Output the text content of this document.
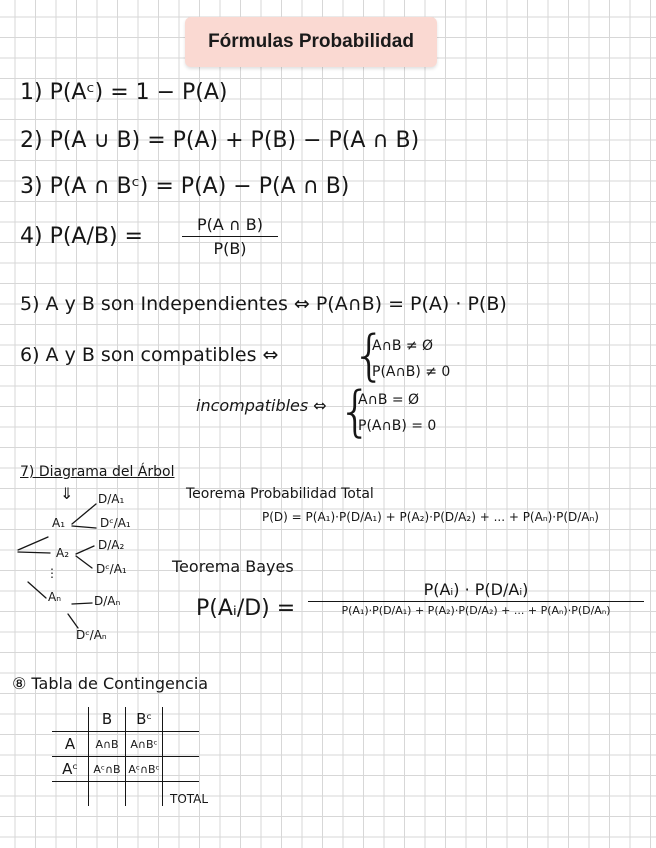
Fórmulas Probabilidad
1) P(Aᶜ) = 1 − P(A)
2) P(A ∪ B) = P(A) + P(B) − P(A ∩ B)
3) P(A ∩ Bᶜ) = P(A) − P(A ∩ B)
4) P(A/B) =	P(A ∩ B)
P(B)
5) A y B son Independientes ⇔ P(A∩B) = P(A) · P(B)
6) A y B son compatibles ⇔ {
A∩B ≠ Ø
P(A∩B) ≠ 0
incompatibles ⇔ {
A∩B = Ø
P(A∩B) = 0
7) Diagrama del Árbol
⇓ D/A₁
A₁	Dᶜ/A₁
D/A₂
A₂
Dᶜ/A₁
⋮
Aₙ	D/Aₙ
Dᶜ/Aₙ
Teorema Probabilidad Total
P(D) = P(A₁)·P(D/A₁) + P(A₂)·P(D/A₂) + ... + P(Aₙ)·P(D/Aₙ)
Teorema Bayes
P(Aᵢ/D) =
P(Aᵢ) · P(D/Aᵢ)
P(A₁)·P(D/A₁) + P(A₂)·P(D/A₂) + ... + P(Aₙ)·P(D/Aₙ)
⑧ Tabla de Contingencia
	B	Bᶜ	
A	A∩B	A∩Bᶜ	
Aᶜ	Aᶜ∩B	Aᶜ∩Bᶜ	

TOTAL
